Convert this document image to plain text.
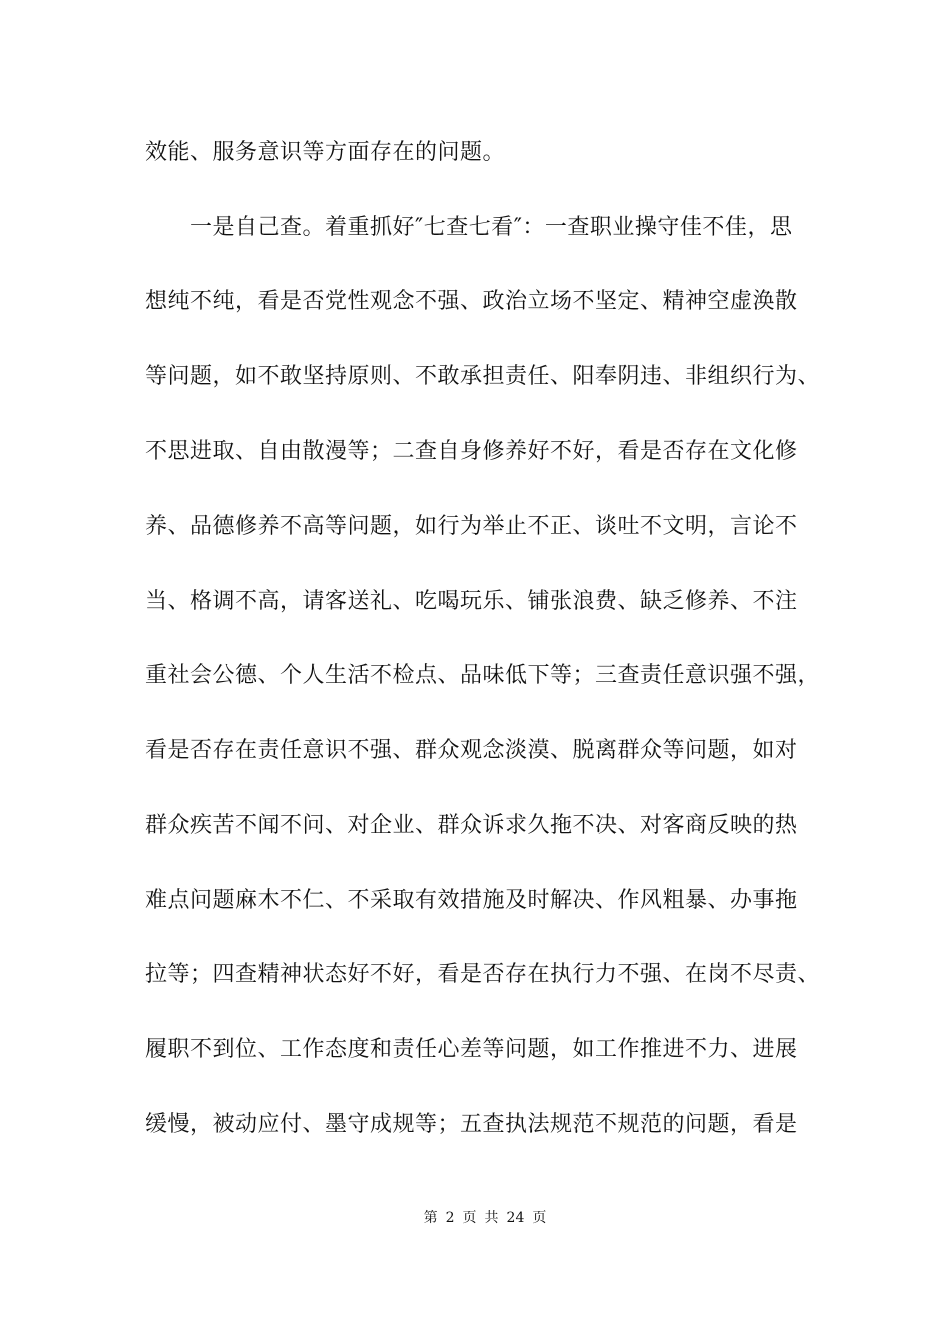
效能、服务意识等方面存在的问题。
　　一是自己查。着重抓好″七查七看″：一查职业操守佳不佳，思
想纯不纯，看是否党性观念不强、政治立场不坚定、精神空虚涣散
等问题，如不敢坚持原则、不敢承担责任、阳奉阴违、非组织行为、
不思进取、自由散漫等；二查自身修养好不好，看是否存在文化修
养、品德修养不高等问题，如行为举止不正、谈吐不文明，言论不
当、格调不高，请客送礼、吃喝玩乐、铺张浪费、缺乏修养、不注
重社会公德、个人生活不检点、品味低下等；三查责任意识强不强，
看是否存在责任意识不强、群众观念淡漠、脱离群众等问题，如对
群众疾苦不闻不问、对企业、群众诉求久拖不决、对客商反映的热
难点问题麻木不仁、不采取有效措施及时解决、作风粗暴、办事拖
拉等；四查精神状态好不好，看是否存在执行力不强、在岗不尽责、
履职不到位、工作态度和责任心差等问题，如工作推进不力、进展
缓慢，被动应付、墨守成规等；五查执法规范不规范的问题，看是
第 2 页 共 24 页
